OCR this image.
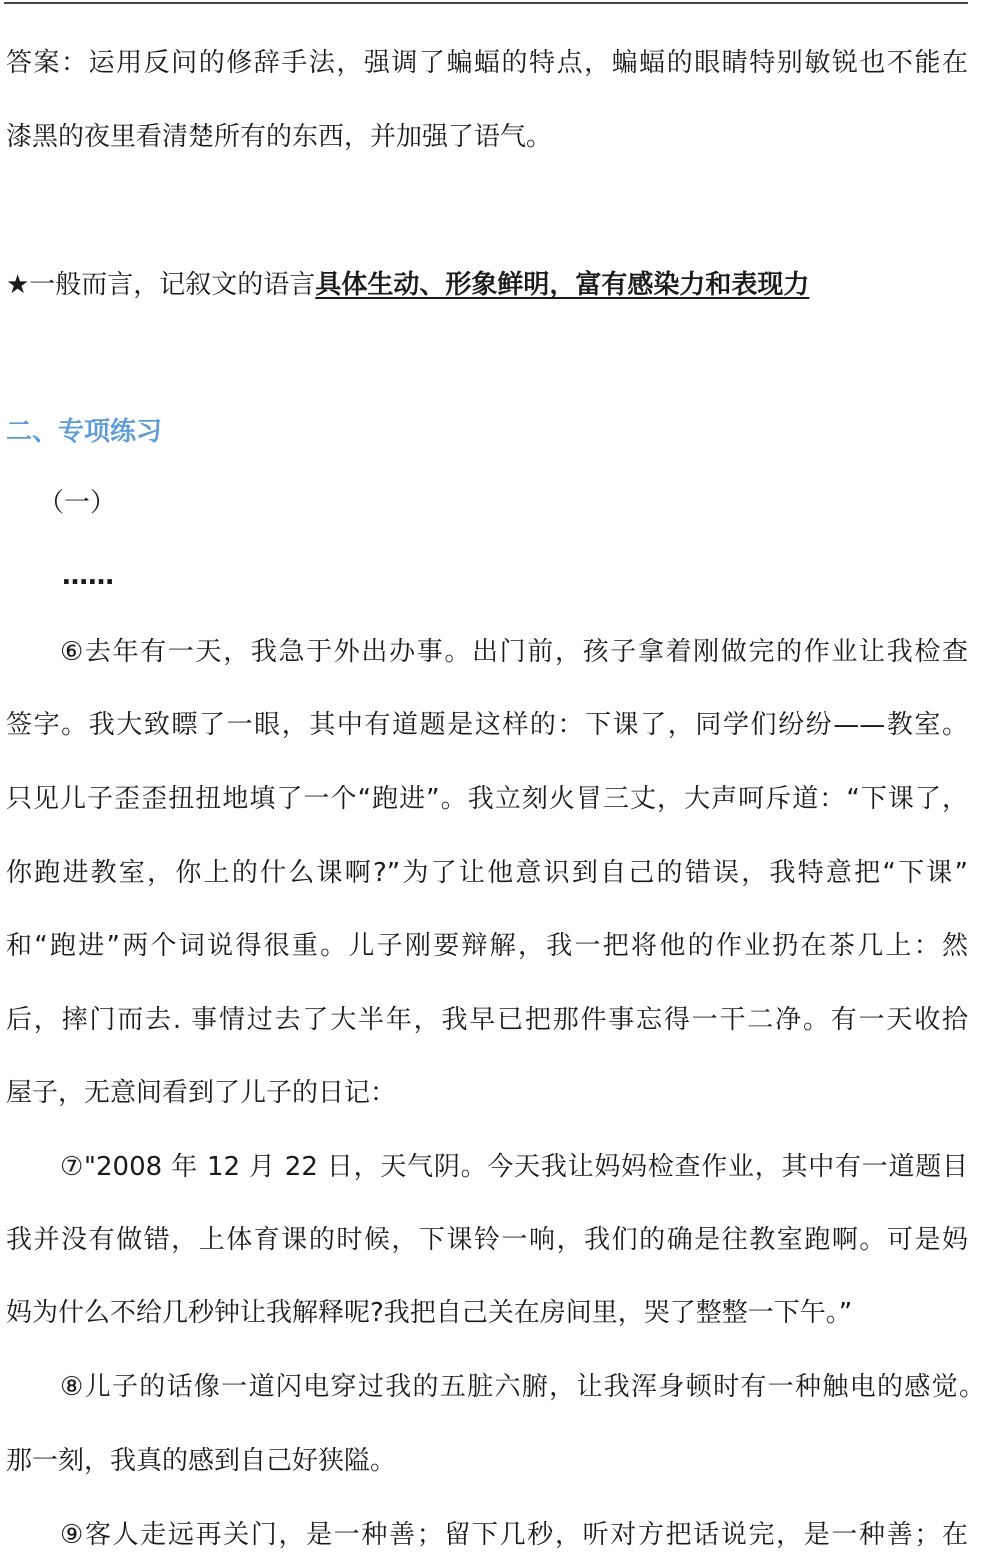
答案：运用反问的修辞手法，强调了蝙蝠的特点，蝙蝠的眼睛特别敏锐也不能在
漆黑的夜里看清楚所有的东西，并加强了语气。
★一般而言，记叙文的语言具体生动、形象鲜明，富有感染力和表现力
二、专项练习
（一）
……
⑥去年有一天，我急于外出办事。出门前，孩子拿着刚做完的作业让我检查
签字。我大致瞟了一眼，其中有道题是这样的：下课了，同学们纷纷——教室。
只见儿子歪歪扭扭地填了一个“跑进”。我立刻火冒三丈，大声呵斥道：“下课了，
你跑进教室，你上的什么课啊?”为了让他意识到自己的错误，我特意把“下课”
和“跑进”两个词说得很重。儿子刚要辩解，我一把将他的作业扔在茶几上：然
后，摔门而去. 事情过去了大半年，我早已把那件事忘得一干二净。有一天收拾
屋子，无意间看到了儿子的日记：
⑦"2008 年 12 月 22 日，天气阴。今天我让妈妈检查作业，其中有一道题目
我并没有做错，上体育课的时候，下课铃一响，我们的确是往教室跑啊。可是妈
妈为什么不给几秒钟让我解释呢?我把自己关在房间里，哭了整整一下午。”
⑧儿子的话像一道闪电穿过我的五脏六腑，让我浑身顿时有一种触电的感觉。
那一刻，我真的感到自己好狭隘。
⑨客人走远再关门，是一种善；留下几秒，听对方把话说完，是一种善；在
